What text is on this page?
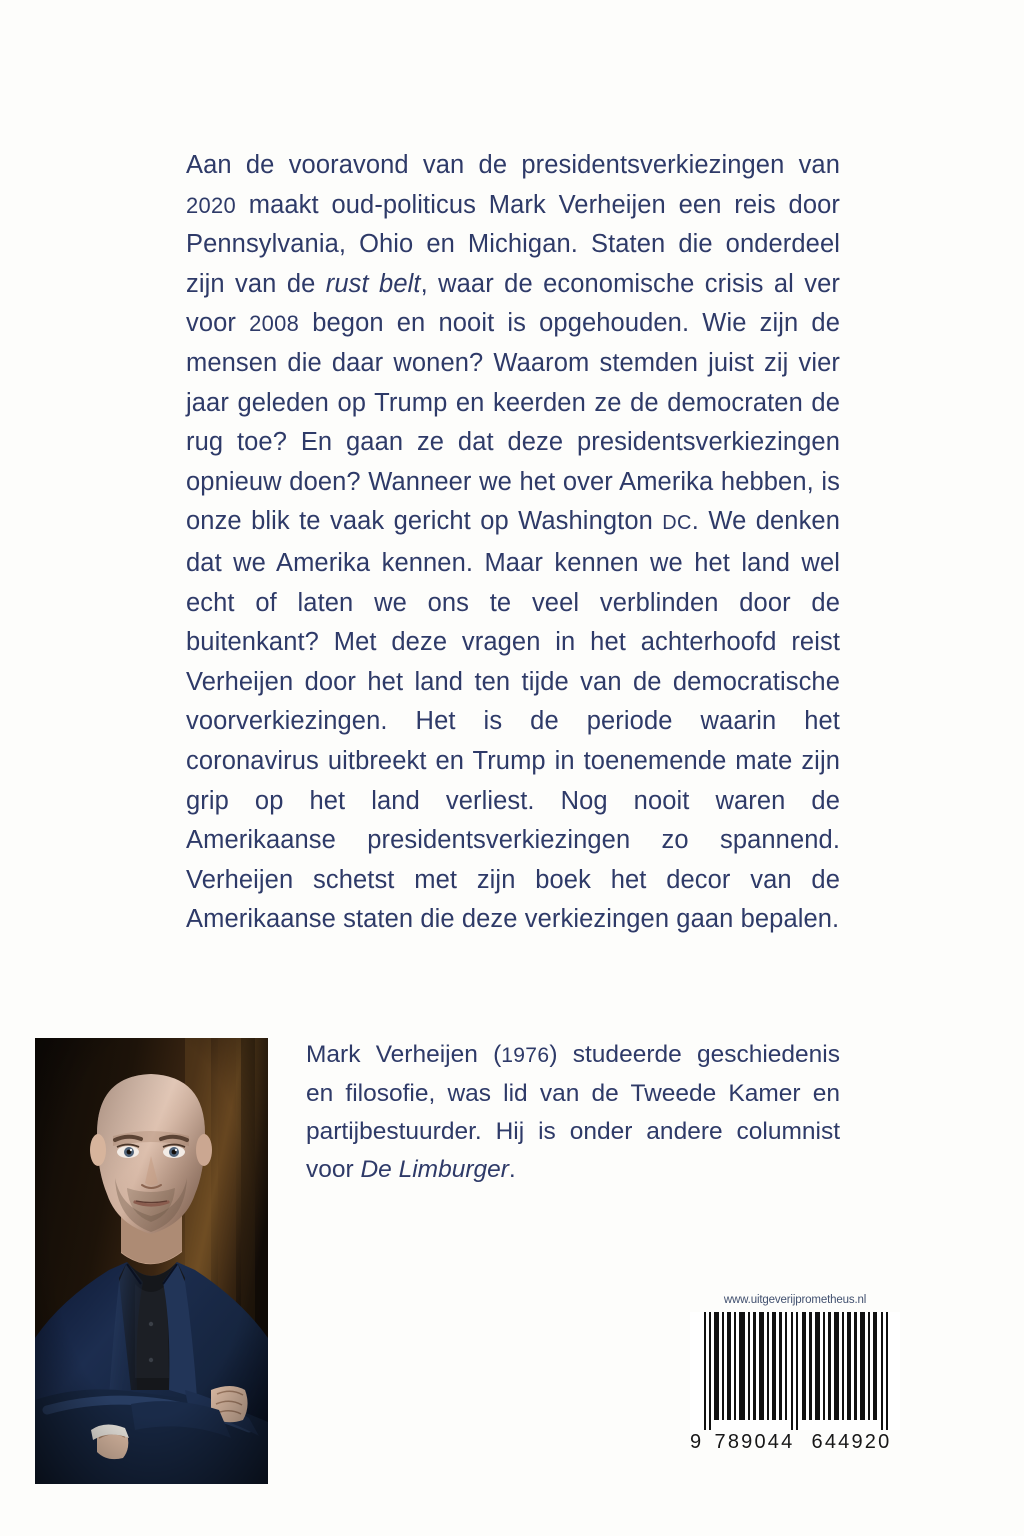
Aan de vooravond van de presidentsverkiezingen van 2020 maakt oud-politicus Mark Verheijen een reis door Pennsylvania, Ohio en Michigan. Staten die onderdeel zijn van de rust belt, waar de economische crisis al ver voor 2008 begon en nooit is opgehouden. Wie zijn de mensen die daar wonen? Waarom stemden juist zij vier jaar geleden op Trump en keerden ze de democraten de rug toe? En gaan ze dat deze presidentsverkiezingen opnieuw doen? Wanneer we het over Amerika hebben, is onze blik te vaak gericht op Washington DC. We denken dat we Amerika kennen. Maar kennen we het land wel echt of laten we ons te veel verblinden door de buitenkant? Met deze vragen in het achterhoofd reist Verheijen door het land ten tijde van de democratische voorverkiezingen. Het is de periode waarin het coronavirus uitbreekt en Trump in toenemende mate zijn grip op het land verliest. Nog nooit waren de Amerikaanse presidentsverkiezingen zo spannend. Verheijen schetst met zijn boek het decor van de Amerikaanse staten die deze verkiezingen gaan bepalen.
Mark Verheijen (1976) studeerde geschiedenis en filosofie, was lid van de Tweede Kamer en partijbestuurder. Hij is onder andere columnist voor De Limburger.
www.uitgeverijprometheus.nl
9 789044 644920
